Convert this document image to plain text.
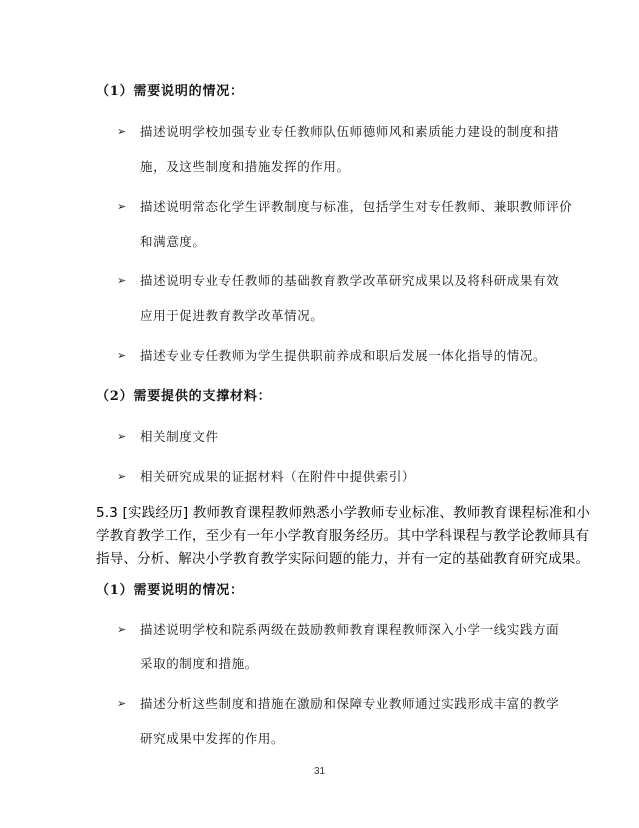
（1）需要说明的情况：
➢ 描述说明学校加强专业专任教师队伍师德师风和素质能力建设的制度和措
施，及这些制度和措施发挥的作用。
➢ 描述说明常态化学生评教制度与标准，包括学生对专任教师、兼职教师评价
和满意度。
➢ 描述说明专业专任教师的基础教育教学改革研究成果以及将科研成果有效
应用于促进教育教学改革情况。
➢ 描述专业专任教师为学生提供职前养成和职后发展一体化指导的情况。
（2）需要提供的支撑材料：
➢ 相关制度文件
➢ 相关研究成果的证据材料（在附件中提供索引）
5.3 [实践经历] 教师教育课程教师熟悉小学教师专业标准、教师教育课程标准和小
学教育教学工作，至少有一年小学教育服务经历。其中学科课程与教学论教师具有
指导、分析、解决小学教育教学实际问题的能力，并有一定的基础教育研究成果。
（1）需要说明的情况：
➢ 描述说明学校和院系两级在鼓励教师教育课程教师深入小学一线实践方面
采取的制度和措施。
➢ 描述分析这些制度和措施在激励和保障专业教师通过实践形成丰富的教学
研究成果中发挥的作用。
31
